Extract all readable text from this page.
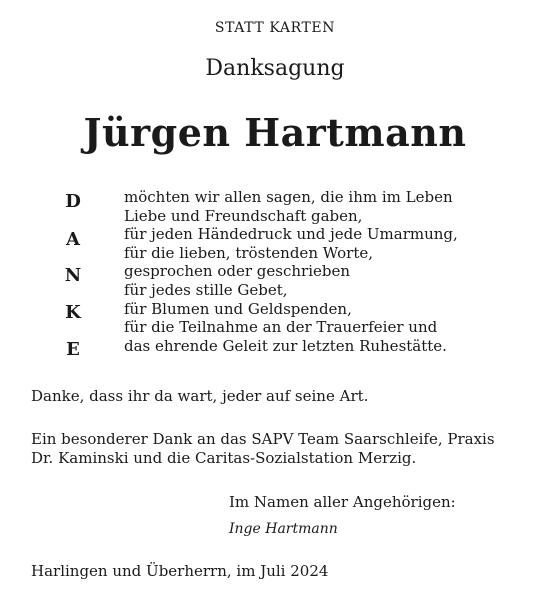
STATT KARTEN
Danksagung
Jürgen Hartmann
D
A
N
K
E
möchten wir allen sagen, die ihm im Leben
Liebe und Freundschaft gaben,
für jeden Händedruck und jede Umarmung,
für die lieben, tröstenden Worte,
gesprochen oder geschrieben
für jedes stille Gebet,
für Blumen und Geldspenden,
für die Teilnahme an der Trauerfeier und
das ehrende Geleit zur letzten Ruhestätte.
Danke, dass ihr da wart, jeder auf seine Art.
Ein besonderer Dank an das SAPV Team Saarschleife, Praxis
Dr. Kaminski und die Caritas-Sozialstation Merzig.
Im Namen aller Angehörigen:
Inge Hartmann
Harlingen und Überherrn, im Juli 2024
